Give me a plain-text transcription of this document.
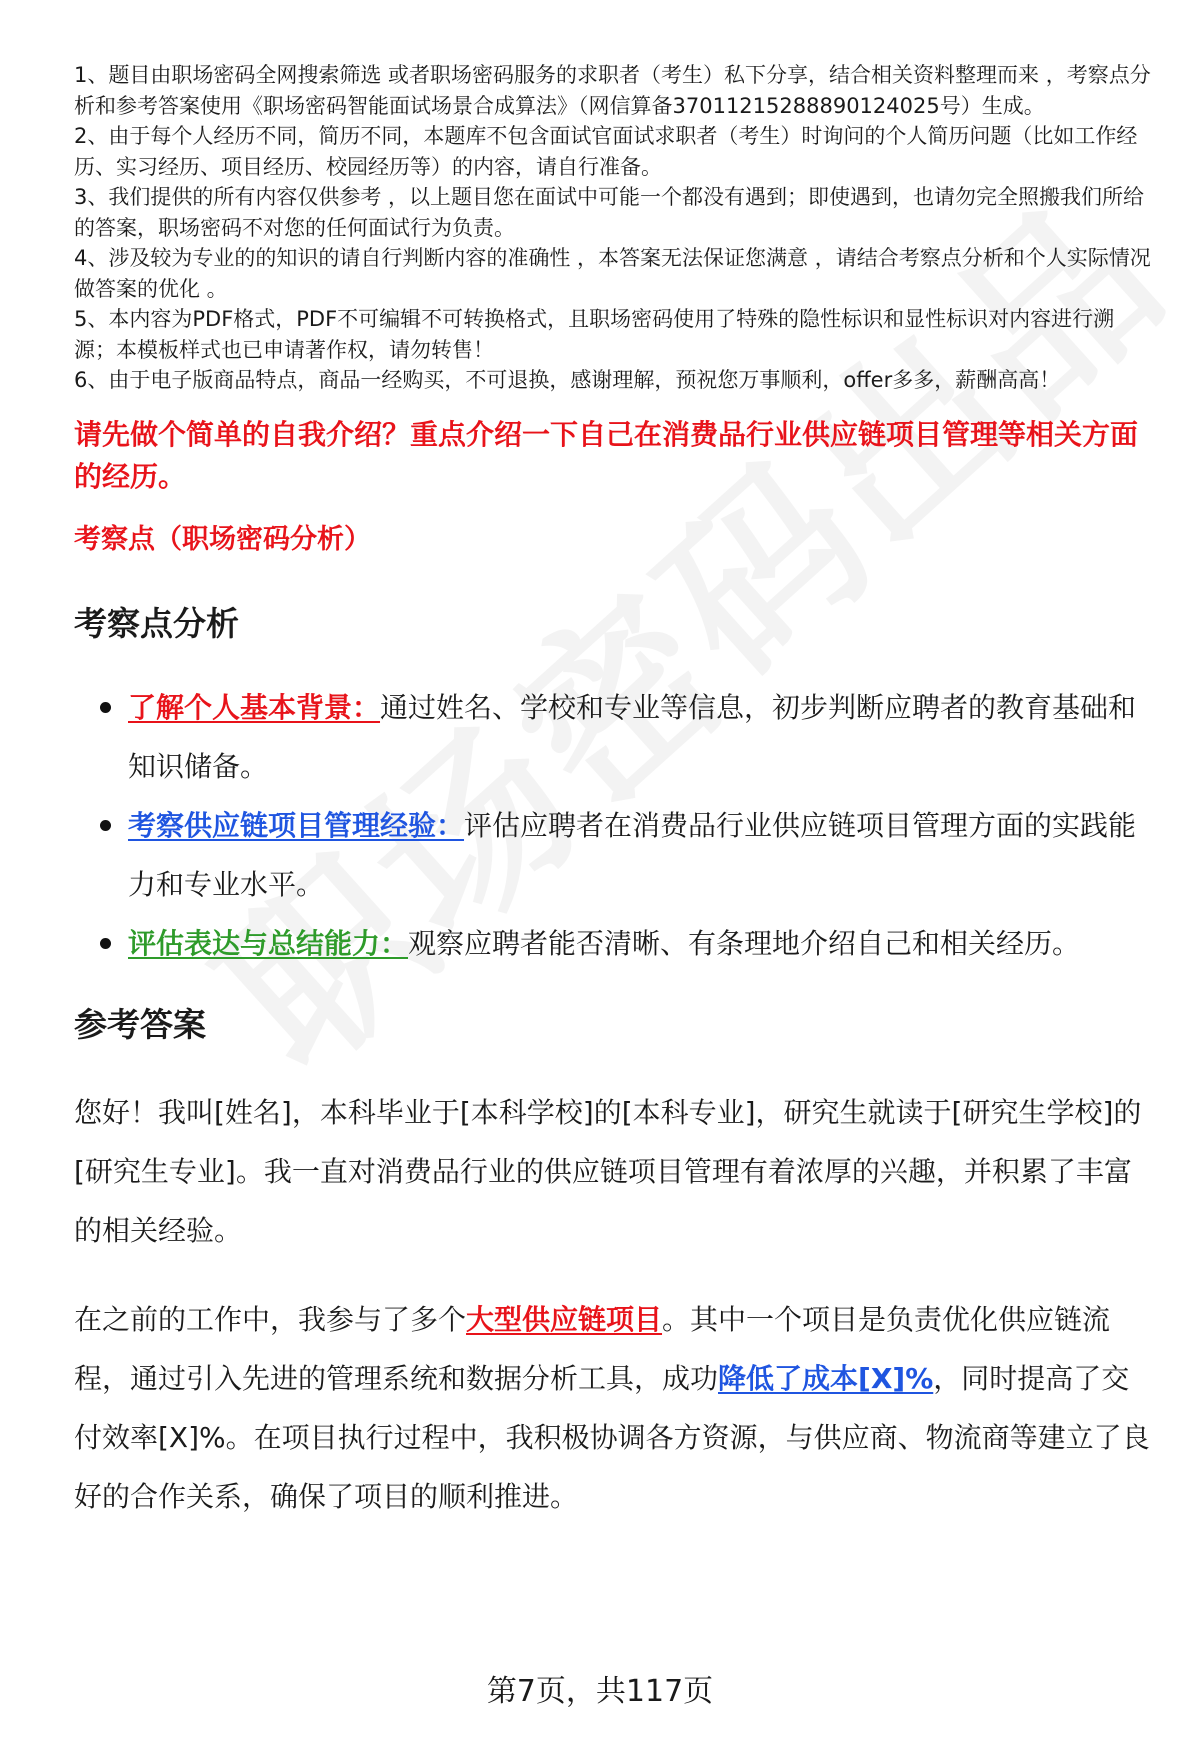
1、题目由职场密码全网搜索筛选 或者职场密码服务的求职者（考生）私下分享，结合相关资料整理而来 ，考察点分析和参考答案使用《职场密码智能面试场景合成算法》（网信算备37011215288890124025号）生成。

2、由于每个人经历不同，简历不同，本题库不包含面试官面试求职者（考生）时询问的个人简历问题（比如工作经历、实习经历、项目经历、校园经历等）的内容，请自行准备。

3、我们提供的所有内容仅供参考 ，以上题目您在面试中可能一个都没有遇到；即使遇到，也请勿完全照搬我们所给的答案，职场密码不对您的任何面试行为负责。

4、涉及较为专业的的知识的请自行判断内容的准确性 ，本答案无法保证您满意 ，请结合考察点分析和个人实际情况做答案的优化 。

5、本内容为PDF格式，PDF不可编辑不可转换格式，且职场密码使用了特殊的隐性标识和显性标识对内容进行溯源；本模板样式也已申请著作权，请勿转售！

6、由于电子版商品特点，商品一经购买，不可退换，感谢理解，预祝您万事顺利，offer多多，薪酬高高！

请先做个简单的自我介绍？重点介绍一下自己在消费品行业供应链项目管理等相关方面的经历。
考察点（职场密码分析）
考察点分析
了解个人基本背景：通过姓名、学校和专业等信息，初步判断应聘者的教育基础和知识储备。
考察供应链项目管理经验：评估应聘者在消费品行业供应链项目管理方面的实践能力和专业水平。
评估表达与总结能力：观察应聘者能否清晰、有条理地介绍自己和相关经历。
参考答案

您好！我叫[姓名]，本科毕业于[本科学校]的[本科专业]，研究生就读于[研究生学校]的[研究生专业]。我一直对消费品行业的供应链项目管理有着浓厚的兴趣，并积累了丰富的相关经验。

在之前的工作中，我参与了多个大型供应链项目。其中一个项目是负责优化供应链流程，通过引入先进的管理系统和数据分析工具，成功降低了成本[X]%，同时提高了交付效率[X]%。在项目执行过程中，我积极协调各方资源，与供应商、物流商等建立了良好的合作关系，确保了项目的顺利推进。

第7页，共117页
